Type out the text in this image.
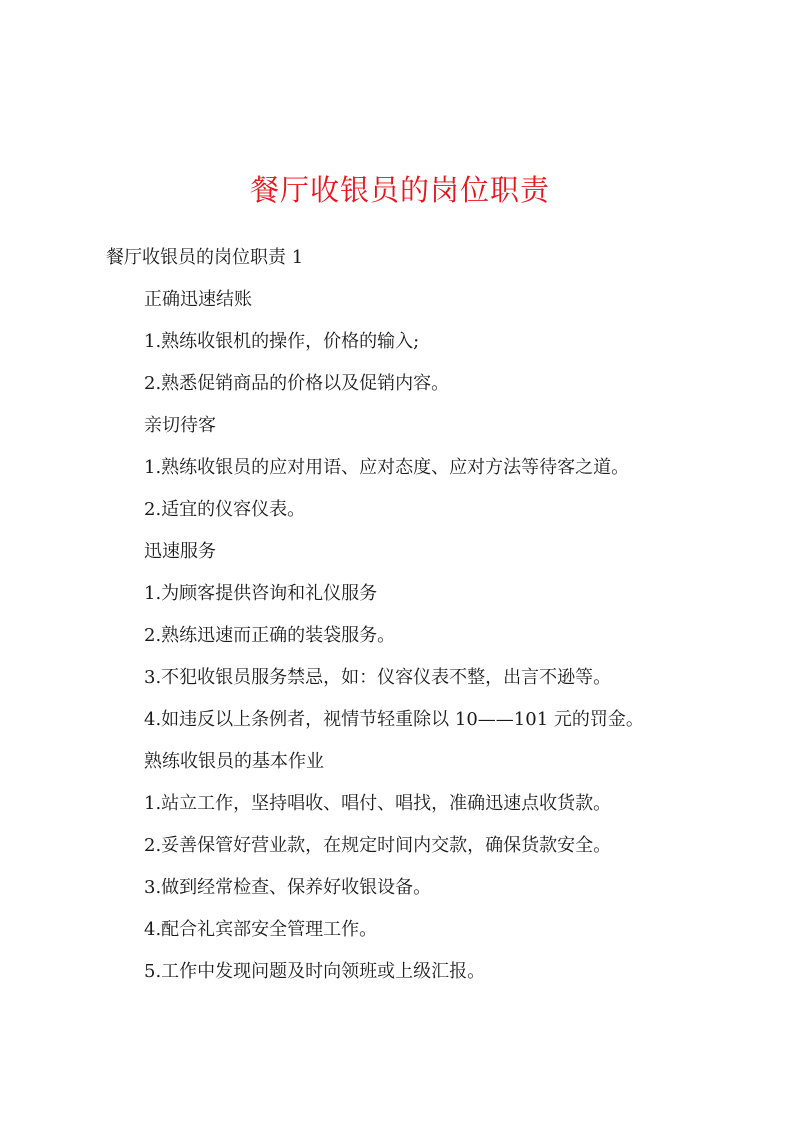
餐厅收银员的岗位职责
餐厅收银员的岗位职责 1
正确迅速结账
1.熟练收银机的操作，价格的输入;
2.熟悉促销商品的价格以及促销内容。
亲切待客
1.熟练收银员的应对用语、应对态度、应对方法等待客之道。
2.适宜的仪容仪表。
迅速服务
1.为顾客提供咨询和礼仪服务
2.熟练迅速而正确的装袋服务。
3.不犯收银员服务禁忌，如：仪容仪表不整，出言不逊等。
4.如违反以上条例者，视情节轻重除以 10——101 元的罚金。
熟练收银员的基本作业
1.站立工作，坚持唱收、唱付、唱找，准确迅速点收货款。
2.妥善保管好营业款，在规定时间内交款，确保货款安全。
3.做到经常检查、保养好收银设备。
4.配合礼宾部安全管理工作。
5.工作中发现问题及时向领班或上级汇报。
